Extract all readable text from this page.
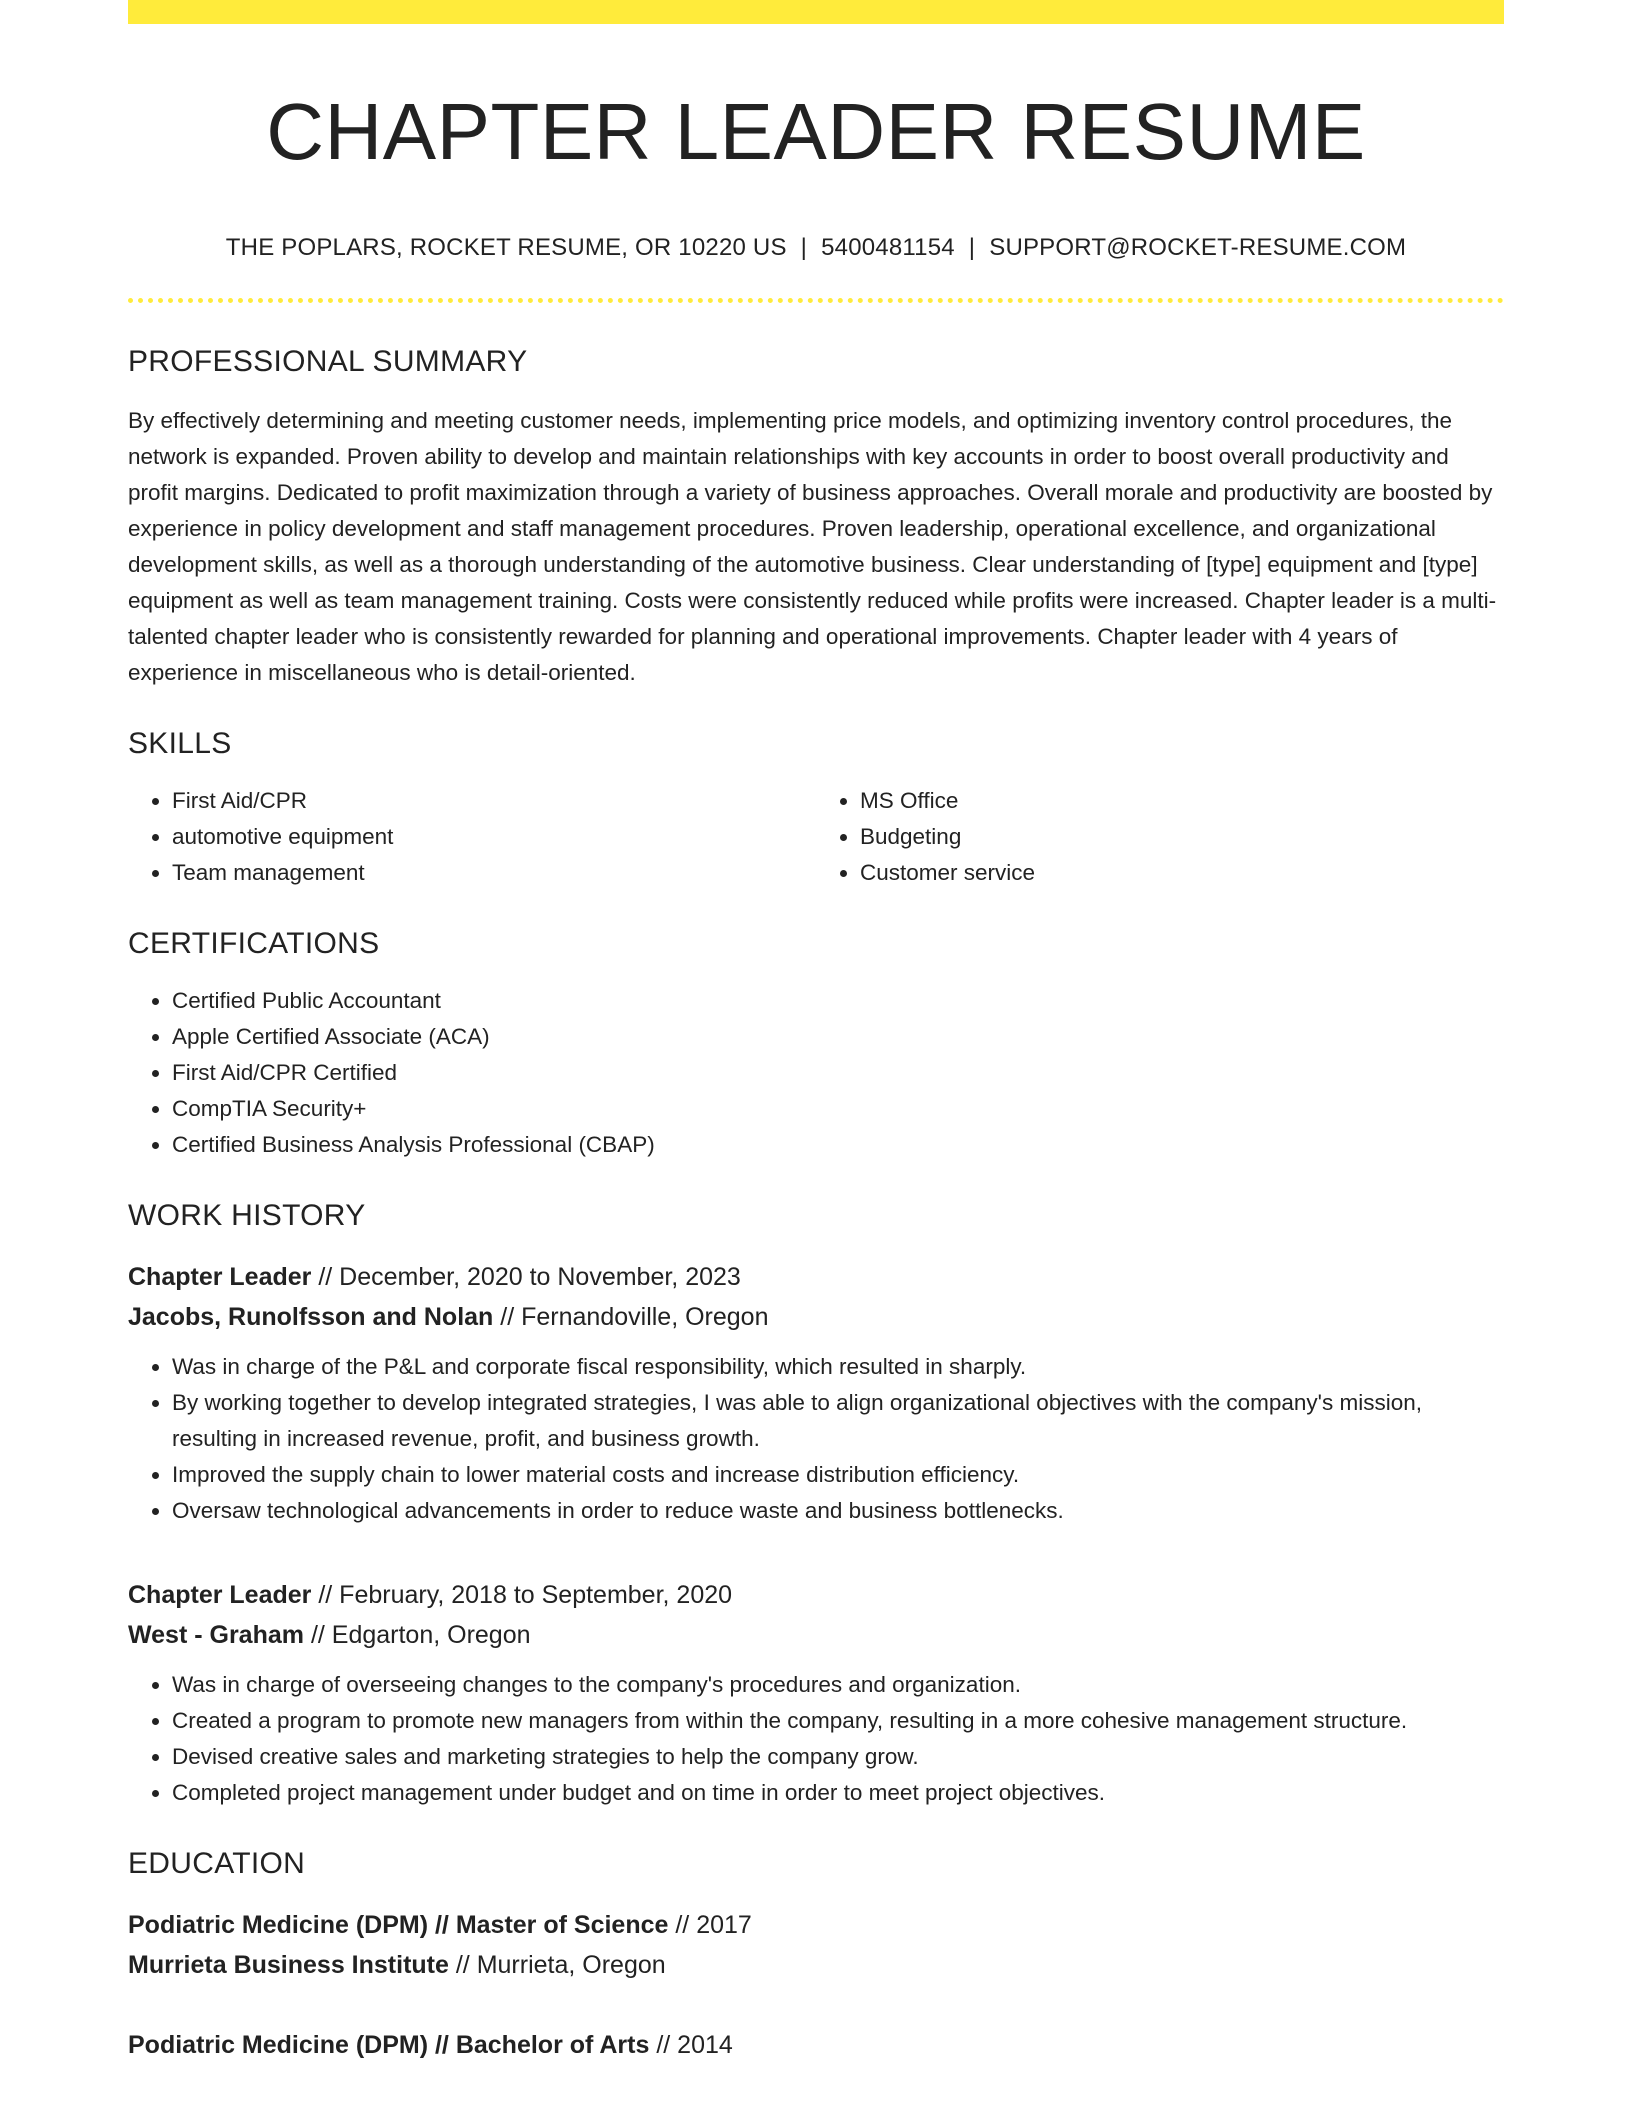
CHAPTER LEADER RESUME
THE POPLARS, ROCKET RESUME, OR 10220 US | 5400481154 | SUPPORT@ROCKET-RESUME.COM
PROFESSIONAL SUMMARY

By effectively determining and meeting customer needs, implementing price models, and optimizing inventory control procedures, the network is expanded. Proven ability to develop and maintain relationships with key accounts in order to boost overall productivity and profit margins. Dedicated to profit maximization through a variety of business approaches. Overall morale and productivity are boosted by experience in policy development and staff management procedures. Proven leadership, operational excellence, and organizational development skills, as well as a thorough understanding of the automotive business. Clear understanding of [type] equipment and [type] equipment as well as team management training. Costs were consistently reduced while profits were increased. Chapter leader is a multi-talented chapter leader who is consistently rewarded for planning and operational improvements. Chapter leader with 4 years of experience in miscellaneous who is detail-oriented.

SKILLS
• First Aid/CPR
• automotive equipment
• Team management
• MS Office
• Budgeting
• Customer service
CERTIFICATIONS
• Certified Public Accountant
• Apple Certified Associate (ACA)
• First Aid/CPR Certified
• CompTIA Security+
• Certified Business Analysis Professional (CBAP)
WORK HISTORY
Chapter Leader // December, 2020 to November, 2023
Jacobs, Runolfsson and Nolan // Fernandoville, Oregon
• Was in charge of the P&L and corporate fiscal responsibility, which resulted in sharply.
• By working together to develop integrated strategies, I was able to align organizational objectives with the company's mission, resulting in increased revenue, profit, and business growth.
• Improved the supply chain to lower material costs and increase distribution efficiency.
• Oversaw technological advancements in order to reduce waste and business bottlenecks.
Chapter Leader // February, 2018 to September, 2020
West - Graham // Edgarton, Oregon
• Was in charge of overseeing changes to the company's procedures and organization.
• Created a program to promote new managers from within the company, resulting in a more cohesive management structure.
• Devised creative sales and marketing strategies to help the company grow.
• Completed project management under budget and on time in order to meet project objectives.
EDUCATION
Podiatric Medicine (DPM) // Master of Science // 2017
Murrieta Business Institute // Murrieta, Oregon
Podiatric Medicine (DPM) // Bachelor of Arts // 2014
